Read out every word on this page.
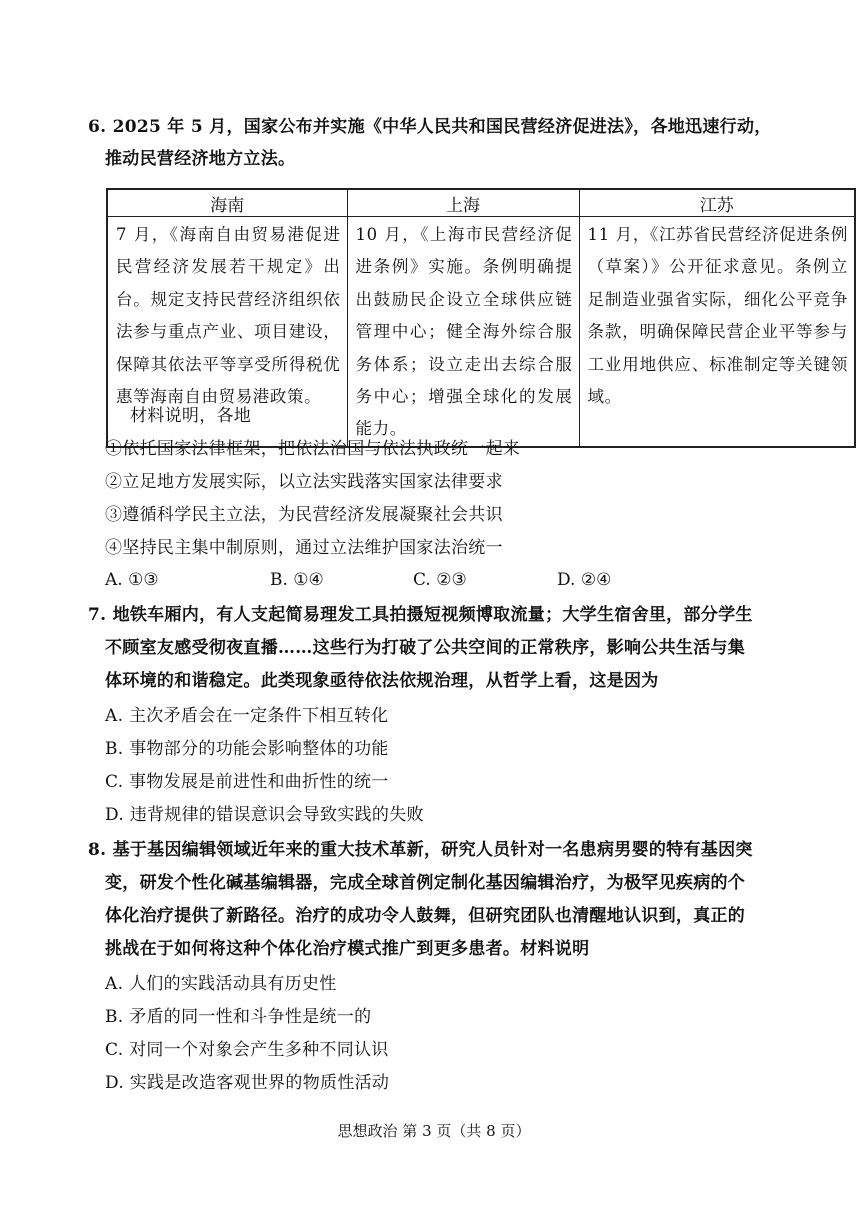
6. 2025 年 5 月，国家公布并实施《中华人民共和国民营经济促进法》，各地迅速行动，
推动民营经济地方立法。
海南	上海	江苏
7 月，《海南自由贸易港促进民营经济发展若干规定》出台。规定支持民营经济组织依法参与重点产业、项目建设，保障其依法平等享受所得税优惠等海南自由贸易港政策。	10 月，《上海市民营经济促进条例》实施。条例明确提出鼓励民企设立全球供应链管理中心；健全海外综合服务体系；设立走出去综合服务中心；增强全球化的发展能力。	11 月，《江苏省民营经济促进条例（草案）》公开征求意见。条例立足制造业强省实际，细化公平竞争条款，明确保障民营企业平等参与工业用地供应、标准制定等关键领域。
材料说明，各地
①依托国家法律框架，把依法治国与依法执政统一起来
②立足地方发展实际，以立法实践落实国家法律要求
③遵循科学民主立法，为民营经济发展凝聚社会共识
④坚持民主集中制原则，通过立法维护国家法治统一
A. ①③	B. ①④	C. ②③	D. ②④
7. 地铁车厢内，有人支起简易理发工具拍摄短视频博取流量；大学生宿舍里，部分学生
不顾室友感受彻夜直播……这些行为打破了公共空间的正常秩序，影响公共生活与集
体环境的和谐稳定。此类现象亟待依法依规治理，从哲学上看，这是因为
A. 主次矛盾会在一定条件下相互转化
B. 事物部分的功能会影响整体的功能
C. 事物发展是前进性和曲折性的统一
D. 违背规律的错误意识会导致实践的失败
8. 基于基因编辑领域近年来的重大技术革新，研究人员针对一名患病男婴的特有基因突
变，研发个性化碱基编辑器，完成全球首例定制化基因编辑治疗，为极罕见疾病的个
体化治疗提供了新路径。治疗的成功令人鼓舞，但研究团队也清醒地认识到，真正的
挑战在于如何将这种个体化治疗模式推广到更多患者。材料说明
A. 人们的实践活动具有历史性
B. 矛盾的同一性和斗争性是统一的
C. 对同一个对象会产生多种不同认识
D. 实践是改造客观世界的物质性活动
思想政治 第 3 页（共 8 页）
